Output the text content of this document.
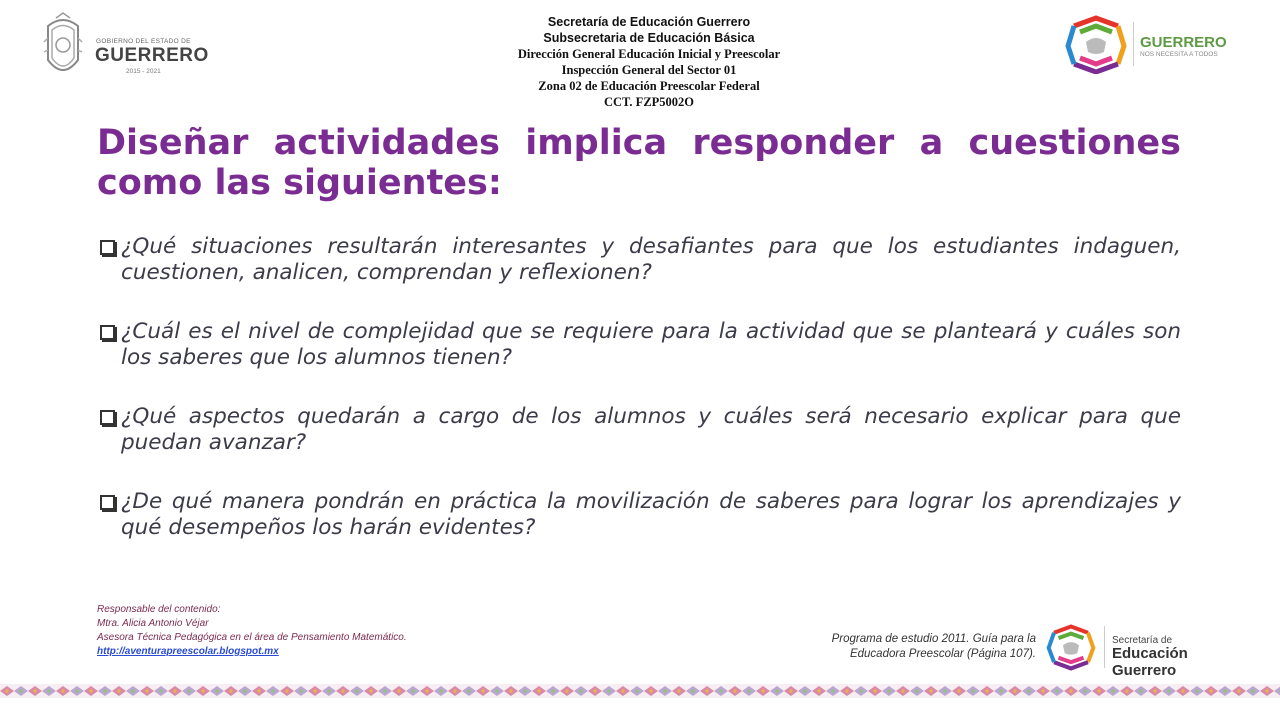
GOBIERNO DEL ESTADO DE
GUERRERO
2015 - 2021
Secretaría de Educación Guerrero
Subsecretaria de Educación Básica
Dirección General Educación Inicial y Preescolar
Inspección General del Sector 01
Zona 02 de Educación Preescolar Federal
CCT. FZP5002O
GUERRERO
NOS NECESITA A TODOS
Diseñar actividades implica responder a cuestiones como las siguientes:
¿Qué situaciones resultarán interesantes y desafiantes para que los estudiantes indaguen, cuestionen, analicen, comprendan y reflexionen?
¿Cuál es el nivel de complejidad que se requiere para la actividad que se planteará y cuáles son los saberes que los alumnos tienen?
¿Qué aspectos quedarán a cargo de los alumnos y cuáles será necesario explicar para que puedan avanzar?
¿De qué manera pondrán en práctica la movilización de saberes para lograr los aprendizajes y qué desempeños los harán evidentes?
Responsable del contenido:
Mtra. Alicia Antonio Véjar
Asesora Técnica Pedagógica en el área de Pensamiento Matemático.
http://aventurapreescolar.blogspot.mx
Programa de estudio 2011. Guía para la
Educadora Preescolar (Página 107).
Secretaría de
Educación Guerrero
